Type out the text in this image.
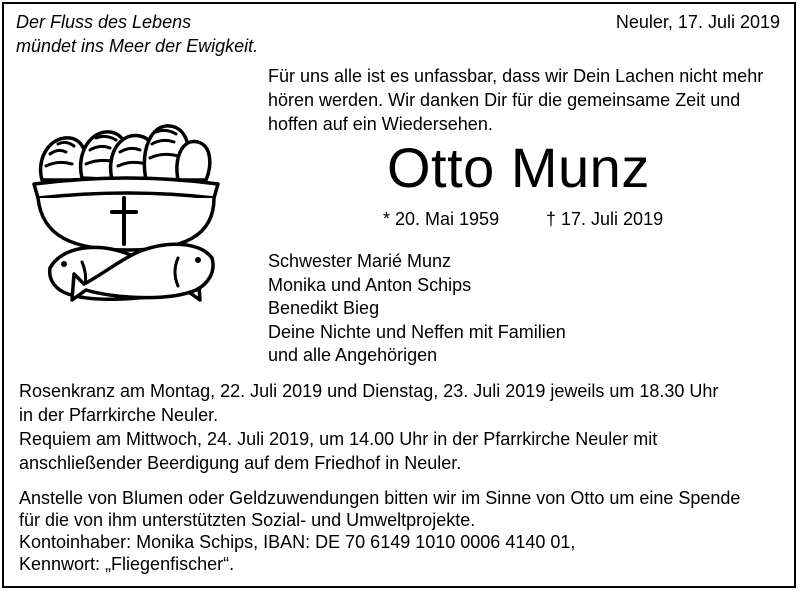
Der Fluss des Lebens
mündet ins Meer der Ewigkeit.
Neuler, 17. Juli 2019
Für uns alle ist es unfassbar, dass wir Dein Lachen nicht mehr
hören werden. Wir danken Dir für die gemeinsame Zeit und
hoffen auf ein Wiedersehen.
Otto Munz
* 20. Mai 1959	† 17. Juli 2019
Schwester Marié Munz
Monika und Anton Schips
Benedikt Bieg
Deine Nichte und Neffen mit Familien
und alle Angehörigen
Rosenkranz am Montag, 22. Juli 2019 und Dienstag, 23. Juli 2019 jeweils um 18.30 Uhr
in der Pfarrkirche Neuler.
Requiem am Mittwoch, 24. Juli 2019, um 14.00 Uhr in der Pfarrkirche Neuler mit
anschließender Beerdigung auf dem Friedhof in Neuler.
Anstelle von Blumen oder Geldzuwendungen bitten wir im Sinne von Otto um eine Spende
für die von ihm unterstützten Sozial- und Umweltprojekte.
Kontoinhaber: Monika Schips, IBAN: DE 70 6149 1010 0006 4140 01,
Kennwort: „Fliegenfischer“.
